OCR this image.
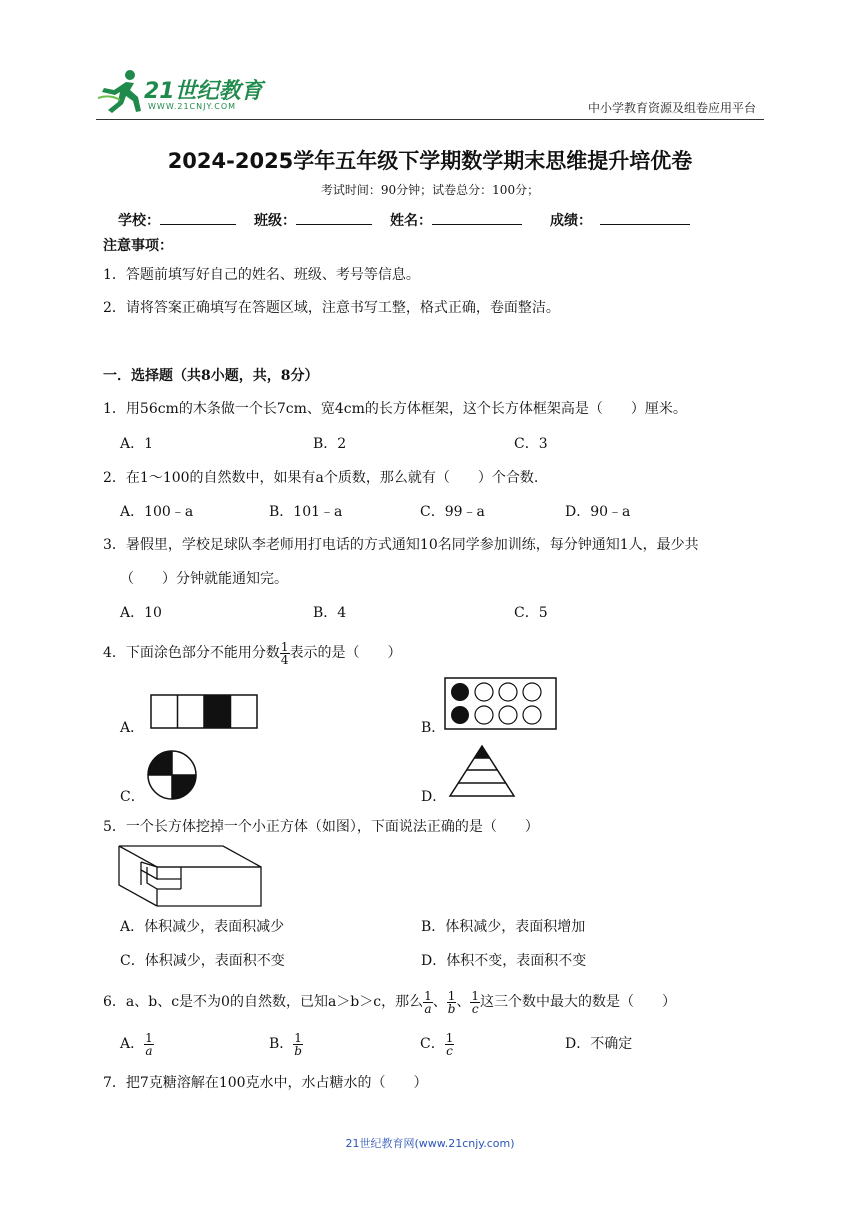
21世纪教育
WWW.21CNJY.COM	中小学教育资源及组卷应用平台
2024-2025学年五年级下学期数学期末思维提升培优卷
考试时间：90分钟；试卷总分：100分；
学校：	班级：	姓名：	成绩：
注意事项：
1．答题前填写好自己的姓名、班级、考号等信息。
2．请将答案正确填写在答题区域，注意书写工整，格式正确，卷面整洁。
一．选择题（共8小题，共，8分）
1．用56cm的木条做一个长7cm、宽4cm的长方体框架，这个长方体框架高是（　　）厘米。
A．1	B．2	C．3
2．在1～100的自然数中，如果有a个质数，那么就有（　　）个合数.
A．100﹣a	B．101﹣a	C．99﹣a	D．90﹣a
3．暑假里，学校足球队李老师用打电话的方式通知10名同学参加训练，每分钟通知1人，最少共
（　　）分钟就能通知完。
A．10	B．4	C．5
4．下面涂色部分不能用分数 $\frac{1}{4}$ 表示的是（　　）
A．	B．
C．	D．
5．一个长方体挖掉一个小正方体（如图），下面说法正确的是（　　）
A．体积减少，表面积减少	B．体积减少，表面积增加
C．体积减少，表面积不变	D．体积不变，表面积不变
6．a、b、c是不为0的自然数，已知a＞b＞c，那么 $\frac{1}{a}$ 、 $\frac{1}{b}$ 、 $\frac{1}{c}$ 这三个数中最大的数是（　　）
A． $\frac{1}{a}$	B． $\frac{1}{b}$	C． $\frac{1}{c}$	D．不确定
7．把7克糖溶解在100克水中，水占糖水的（　　）
21世纪教育网(www.21cnjy.com)
